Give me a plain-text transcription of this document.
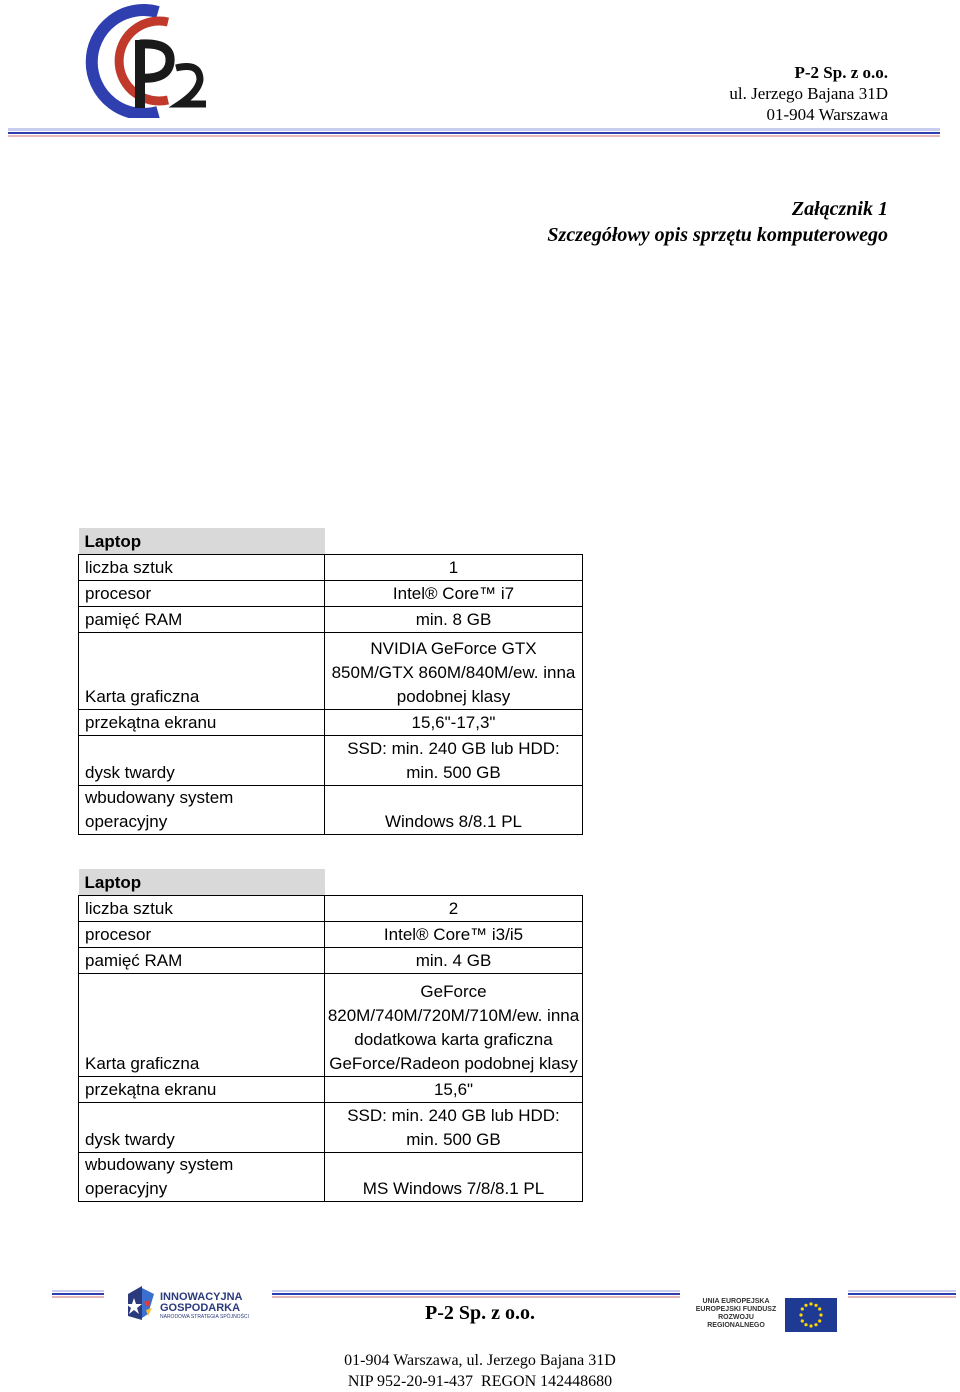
P-2 Sp. z o.o.
ul. Jerzego Bajana 31D
01-904 Warszawa
Załącznik 1
Szczegółowy opis sprzętu komputerowego
Laptop	
liczba sztuk	1
procesor	Intel® Core™ i7
pamięć RAM	min. 8 GB
Karta graficzna	NVIDIA GeForce GTX 850M/GTX 860M/840M/ew. inna podobnej klasy
przekątna ekranu	15,6"-17,3"
dysk twardy	SSD: min. 240 GB lub HDD: min. 500 GB
wbudowany system operacyjny	Windows 8/8.1 PL
Laptop	
liczba sztuk	2
procesor	Intel® Core™ i3/i5
pamięć RAM	min. 4 GB
Karta graficzna	GeForce 820M/740M/720M/710M/ew. inna dodatkowa karta graficzna GeForce/Radeon podobnej klasy
przekątna ekranu	15,6"
dysk twardy	SSD: min. 240 GB lub HDD: min. 500 GB
wbudowany system operacyjny	MS Windows 7/8/8.1 PL
INNOWACYJNA
GOSPODARKA
NARODOWA STRATEGIA SPÓJNOŚCI	P-2 Sp. z o.o.
UNIA EUROPEJSKA
EUROPEJSKI FUNDUSZ
ROZWOJU REGIONALNEGO
01-904 Warszawa, ul. Jerzego Bajana 31D
NIP 952-20-91-437  REGON 142448680
